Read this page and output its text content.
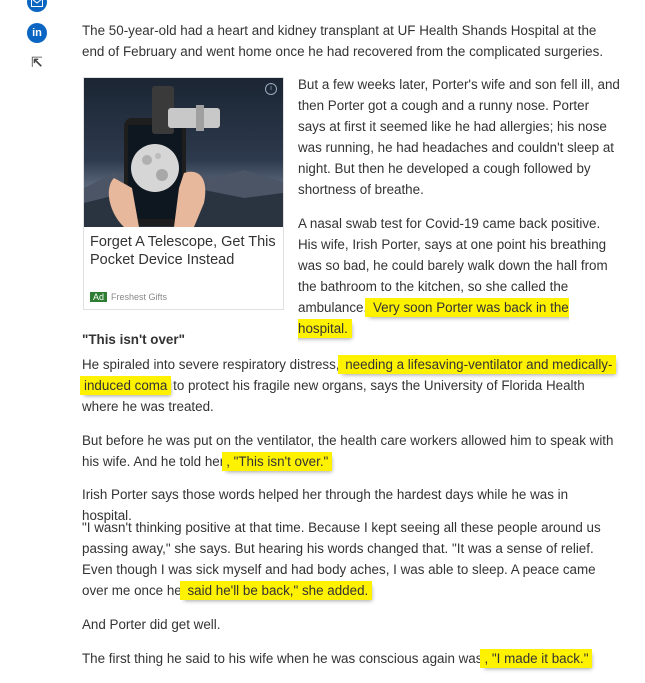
in
⇱

The 50-year-old had a heart and kidney transplant at UF Health Shands Hospital at the end of February and went home once he had recovered from the complicated surgeries.

i
Forget A Telescope, Get This Pocket Device Instead
Ad Freshest Gifts

But a few weeks later, Porter's wife and son fell ill, and then Porter got a cough and a runny nose. Porter says at first it seemed like he had allergies; his nose was running, he had headaches and couldn't sleep at night. But then he developed a cough followed by shortness of breathe.

A nasal swab test for Covid-19 came back positive. His wife, Irish Porter, says at one point his breathing was so bad, he could barely walk down the hall from the bathroom to the kitchen, so she called the ambulance. Very soon Porter was back in the hospital.

"This isn't over"

He spiraled into severe respiratory distress, needing a lifesaving-ventilator and medically-
induced coma to protect his fragile new organs, says the University of Florida Health where he was treated.

But before he was put on the ventilator, the health care workers allowed him to speak with his wife. And he told her , "This isn't over."

Irish Porter says those words helped her through the hardest days while he was in hospital.

"I wasn't thinking positive at that time. Because I kept seeing all these people around us passing away," she says. But hearing his words changed that. "It was a sense of relief. Even though I was sick myself and had body aches, I was able to sleep. A peace came over me once he said he'll be back," she added.

And Porter did get well.

The first thing he said to his wife when he was conscious again was , "I made it back."
